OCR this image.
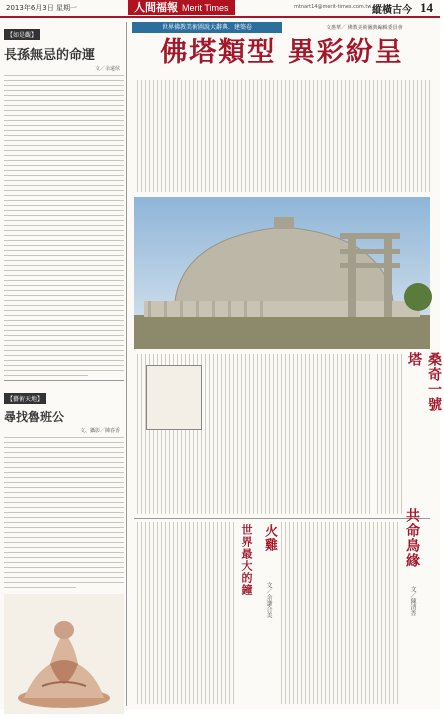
2013年6月3日 星期一	人間福報 Merit Times	mtnart14@merit-times.com.tw 縱橫古今 14
【如是觀】
長孫無忌的命運
文／余遠炫
【藝術天地】
尋找魯班公
文、攝影／陳春香
世界佛教美術圖說大辭典．建築卷	文惠華／ 佛教美術圖典編輯委員會
佛塔類型 異彩紛呈
桑奇一號塔
世界最大的鐘 火雞
文／余謙合美
共命鳥緣
文／陳清香
